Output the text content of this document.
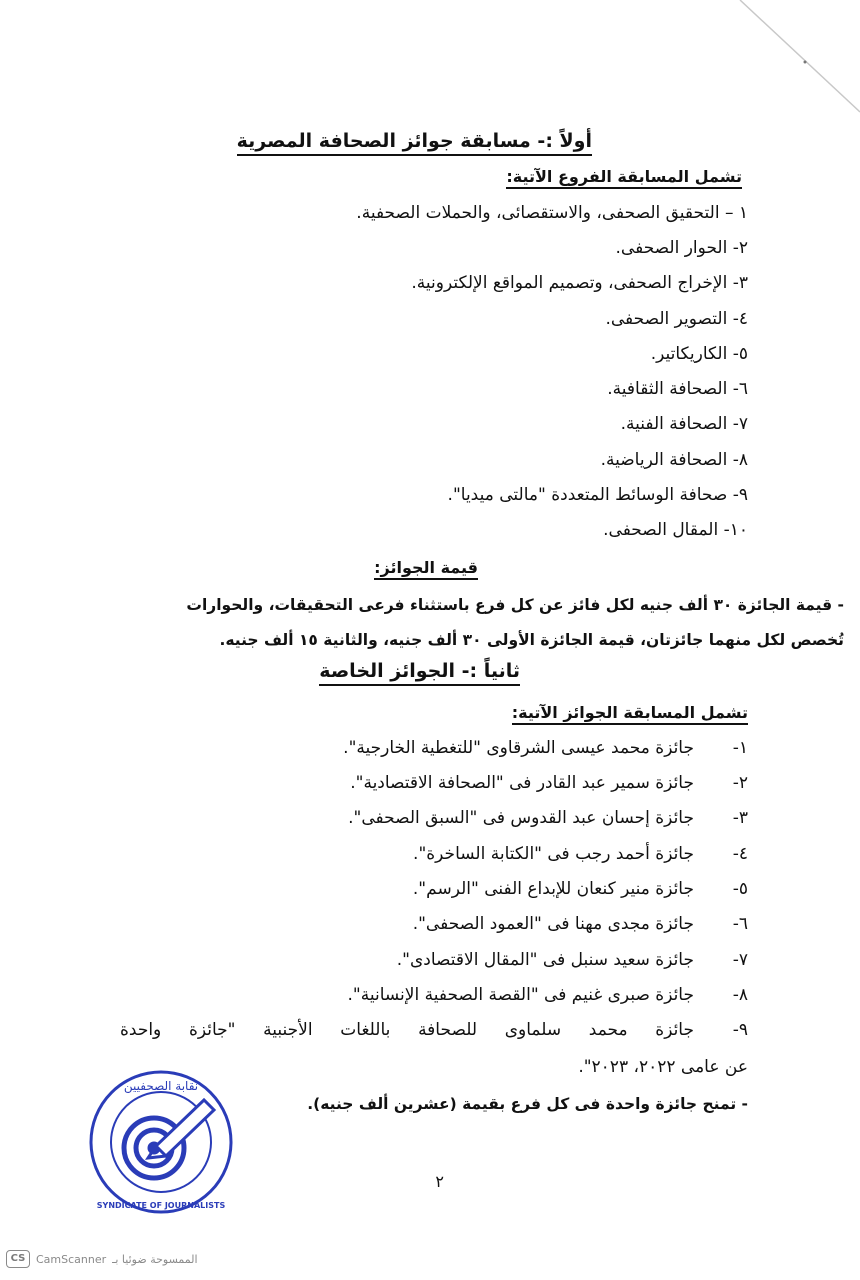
أولاً :- مسابقة جوائز الصحافة المصرية
تشمل المسابقة الفروع الآتية:
١ – التحقيق الصحفى، والاستقصائى، والحملات الصحفية.
٢- الحوار الصحفى.
٣- الإخراج الصحفى، وتصميم المواقع الإلكترونية.
٤- التصوير الصحفى.
٥- الكاريكاتير.
٦- الصحافة الثقافية.
٧- الصحافة الفنية.
٨- الصحافة الرياضية.
٩- صحافة الوسائط المتعددة "مالتى ميديا".
١٠- المقال الصحفى.
قيمة الجوائز:
- قيمة الجائزة ٣٠ ألف جنيه لكل فائز عن كل فرع باستثناء فرعى التحقيقات، والحوارات
تُخصص لكل منهما جائزتان، قيمة الجائزة الأولى ٣٠ ألف جنيه، والثانية ١٥ ألف جنيه.
ثانياً :- الجوائز الخاصة
تشمل المسابقة الجوائز الآتية:
١-جائزة محمد عيسى الشرقاوى "للتغطية الخارجية".
٢-جائزة سمير عبد القادر فى "الصحافة الاقتصادية".
٣-جائزة إحسان عبد القدوس فى "السبق الصحفى".
٤-جائزة أحمد رجب فى "الكتابة الساخرة".
٥-جائزة منير كنعان للإبداع الفنى "الرسم".
٦-جائزة مجدى مهنا فى "العمود الصحفى".
٧-جائزة سعيد سنبل فى "المقال الاقتصادى".
٨-جائزة صبرى غنيم فى "القصة الصحفية الإنسانية".
٩-جائزة محمد سلماوى للصحافة باللغات الأجنبية "جائزة واحدة
عن عامى ٢٠٢٢، ٢٠٢٣".
- تمنح جائزة واحدة فى كل فرع بقيمة (عشرين ألف جنيه).
نقابة الصحفيين
SYNDICATE OF JOURNALISTS
٢
CS CamScanner الممسوحة ضوئيا بـ
